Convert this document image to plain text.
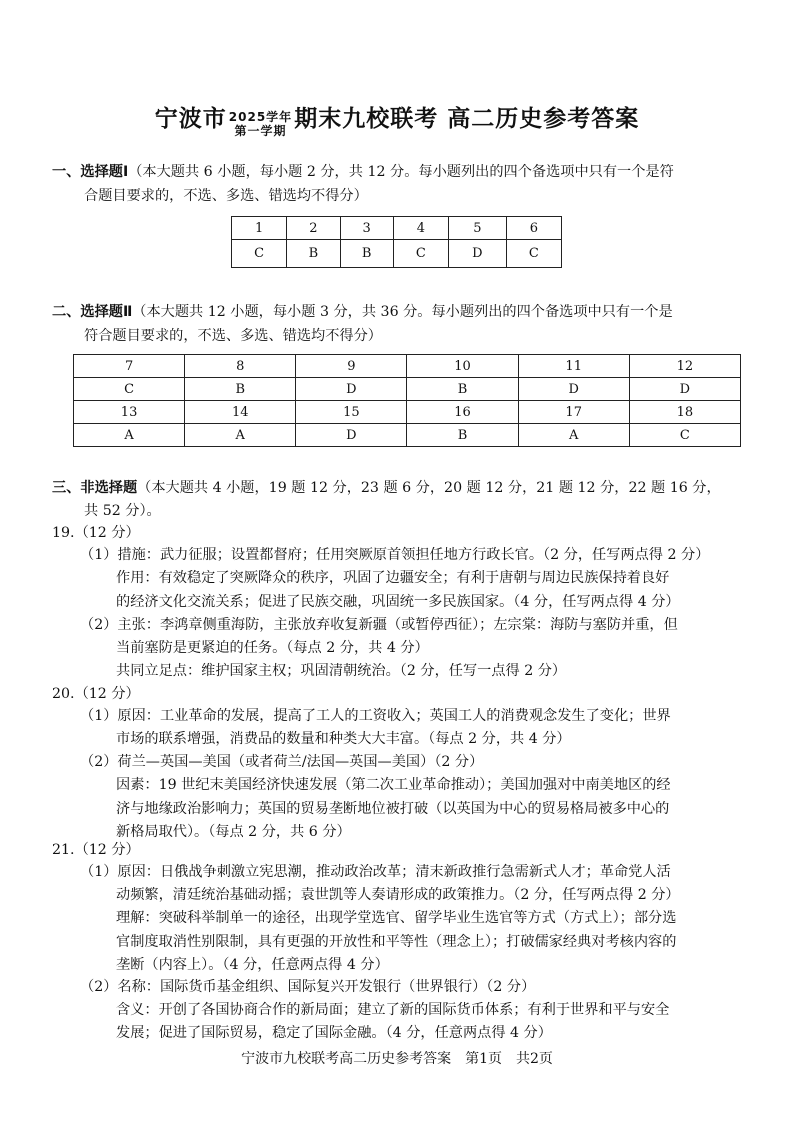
宁波市 2025学年
第一学期 期末九校联考 高二历史参考答案
一、选择题Ⅰ（本大题共 6 小题，每小题 2 分，共 12 分。每小题列出的四个备选项中只有一个是符
合题目要求的，不选、多选、错选均不得分）
1	2	3	4	5	6
C	B	B	C	D	C
二、选择题Ⅱ（本大题共 12 小题，每小题 3 分，共 36 分。每小题列出的四个备选项中只有一个是
符合题目要求的，不选、多选、错选均不得分）
7	8	9	10	11	12
C	B	D	B	D	D
13	14	15	16	17	18
A	A	D	B	A	C
三、非选择题（本大题共 4 小题，19 题 12 分，23 题 6 分，20 题 12 分，21 题 12 分，22 题 16 分，
共 52 分）。
19.（12 分）
（1）措施：武力征服；设置都督府；任用突厥原首领担任地方行政长官。（2 分，任写两点得 2 分）
作用：有效稳定了突厥降众的秩序，巩固了边疆安全；有利于唐朝与周边民族保持着良好
的经济文化交流关系；促进了民族交融，巩固统一多民族国家。（4 分，任写两点得 4 分）
（2）主张：李鸿章侧重海防，主张放弃收复新疆（或暂停西征）；左宗棠：海防与塞防并重，但
当前塞防是更紧迫的任务。（每点 2 分，共 4 分）
共同立足点：维护国家主权；巩固清朝统治。（2 分，任写一点得 2 分）
20.（12 分）
（1）原因：工业革命的发展，提高了工人的工资收入；英国工人的消费观念发生了变化；世界
市场的联系增强，消费品的数量和种类大大丰富。（每点 2 分，共 4 分）
（2）荷兰—英国—美国（或者荷兰/法国—英国—美国）（2 分）
因素：19 世纪末美国经济快速发展（第二次工业革命推动）；美国加强对中南美地区的经
济与地缘政治影响力；英国的贸易垄断地位被打破（以英国为中心的贸易格局被多中心的
新格局取代）。（每点 2 分，共 6 分）
21.（12 分）
（1）原因：日俄战争刺激立宪思潮，推动政治改革；清末新政推行急需新式人才；革命党人活
动频繁，清廷统治基础动摇；袁世凯等人奏请形成的政策推力。（2 分，任写两点得 2 分）
理解：突破科举制单一的途径，出现学堂选官、留学毕业生选官等方式（方式上）；部分选
官制度取消性别限制，具有更强的开放性和平等性（理念上）；打破儒家经典对考核内容的
垄断（内容上）。（4 分，任意两点得 4 分）
（2）名称：国际货币基金组织、国际复兴开发银行（世界银行）（2 分）
含义：开创了各国协商合作的新局面；建立了新的国际货币体系；有利于世界和平与安全
发展；促进了国际贸易，稳定了国际金融。（4 分，任意两点得 4 分）
宁波市九校联考高二历史参考答案　第1页　共2页
